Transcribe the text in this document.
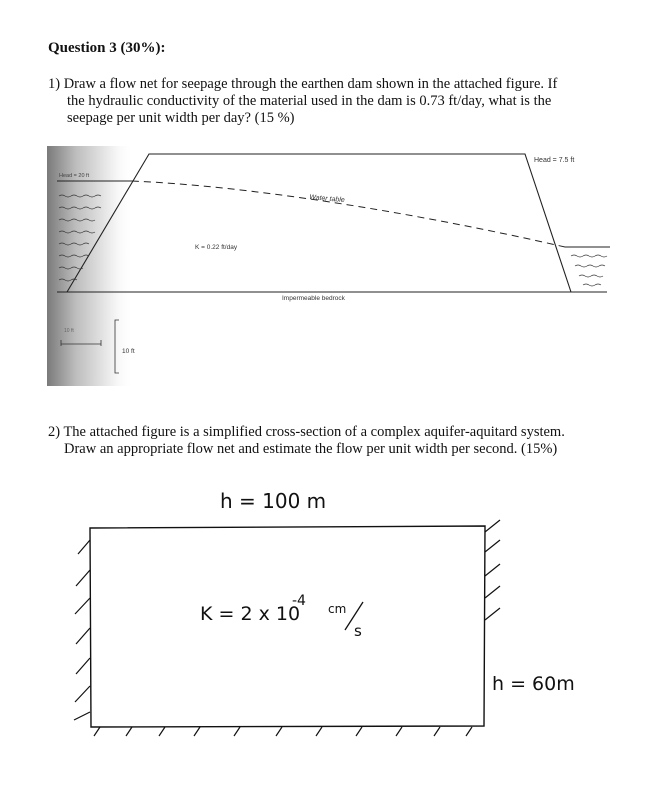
Question 3 (30%):
1) Draw a flow net for seepage through the earthen dam shown in the attached figure. If
the hydraulic conductivity of the material used in the dam is 0.73 ft/day, what is the
seepage per unit width per day? (15 %)
Head = 20 ft
Head = 7.5 ft
Water table
K = 0.22 ft/day
Impermeable bedrock
10 ft
10 ft
2) The attached figure is a simplified cross-section of a complex aquifer-aquitard system.
Draw an appropriate flow net and estimate the flow per unit width per second. (15%)
h = 100 m
K = 2 x 10
-4 cm
s
h = 60m
